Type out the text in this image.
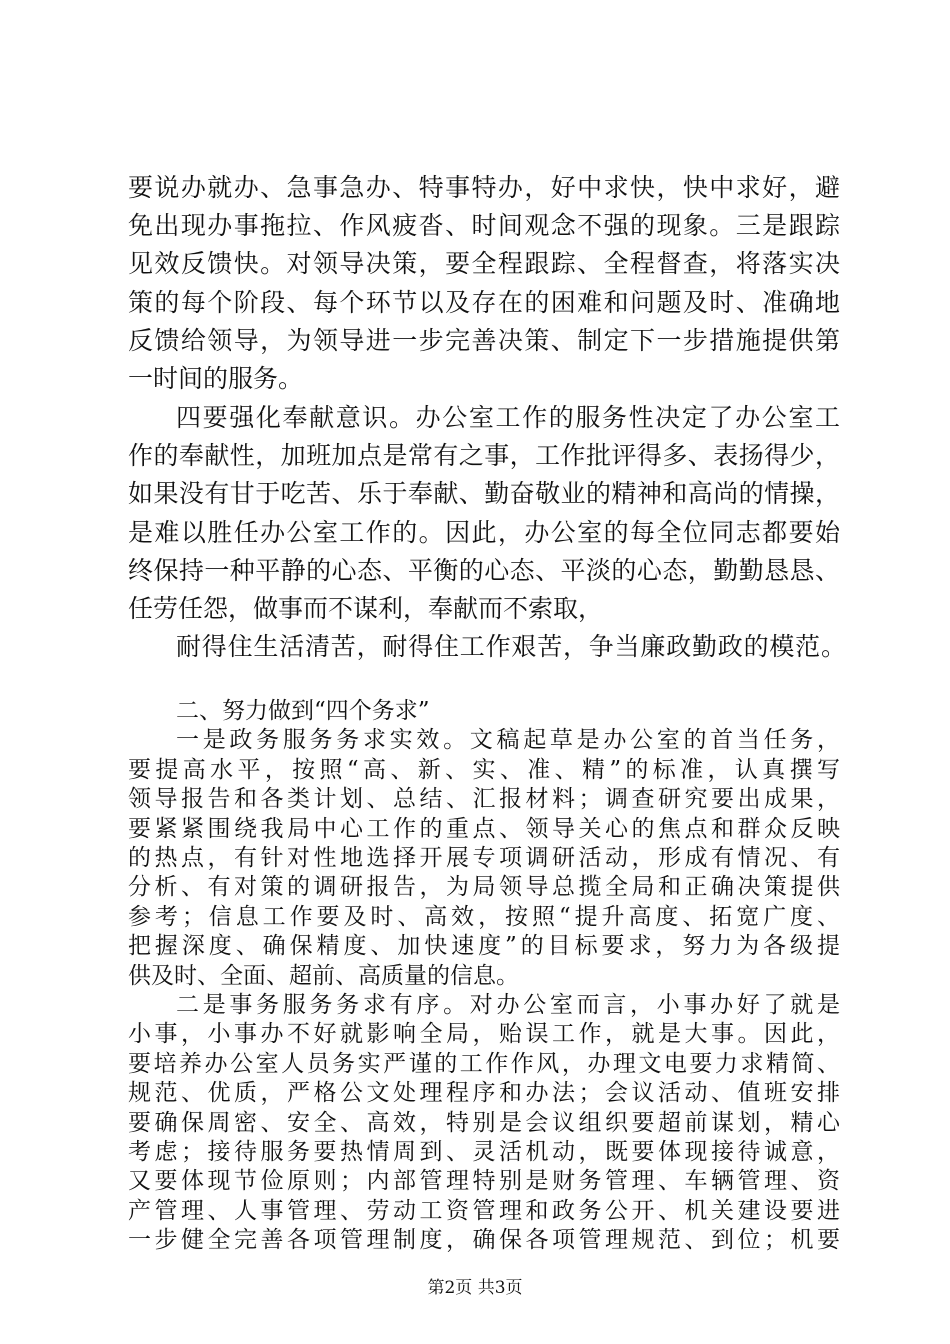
要说办就办、急事急办、特事特办，好中求快，快中求好，避
免出现办事拖拉、作风疲沓、时间观念不强的现象。三是跟踪
见效反馈快。对领导决策，要全程跟踪、全程督查，将落实决
策的每个阶段、每个环节以及存在的困难和问题及时、准确地
反馈给领导，为领导进一步完善决策、制定下一步措施提供第
一时间的服务。
四要强化奉献意识。办公室工作的服务性决定了办公室工
作的奉献性，加班加点是常有之事，工作批评得多、表扬得少，
如果没有甘于吃苦、乐于奉献、勤奋敬业的精神和高尚的情操，
是难以胜任办公室工作的。因此，办公室的每全位同志都要始
终保持一种平静的心态、平衡的心态、平淡的心态，勤勤恳恳、
任劳任怨，做事而不谋利，奉献而不索取，
耐得住生活清苦，耐得住工作艰苦，争当廉政勤政的模范。
二、努力做到“四个务求”
一是政务服务务求实效。文稿起草是办公室的首当任务，
要提高水平，按照“高、新、实、准、精”的标准，认真撰写
领导报告和各类计划、总结、汇报材料；调查研究要出成果，
要紧紧围绕我局中心工作的重点、领导关心的焦点和群众反映
的热点，有针对性地选择开展专项调研活动，形成有情况、有
分析、有对策的调研报告，为局领导总揽全局和正确决策提供
参考；信息工作要及时、高效，按照“提升高度、拓宽广度、
把握深度、确保精度、加快速度”的目标要求，努力为各级提
供及时、全面、超前、高质量的信息。
二是事务服务务求有序。对办公室而言，小事办好了就是
小事，小事办不好就影响全局，贻误工作，就是大事。因此，
要培养办公室人员务实严谨的工作作风，办理文电要力求精简、
规范、优质，严格公文处理程序和办法；会议活动、值班安排
要确保周密、安全、高效，特别是会议组织要超前谋划，精心
考虑；接待服务要热情周到、灵活机动，既要体现接待诚意，
又要体现节俭原则；内部管理特别是财务管理、车辆管理、资
产管理、人事管理、劳动工资管理和政务公开、机关建设要进
一步健全完善各项管理制度，确保各项管理规范、到位；机要
第2页 共3页
